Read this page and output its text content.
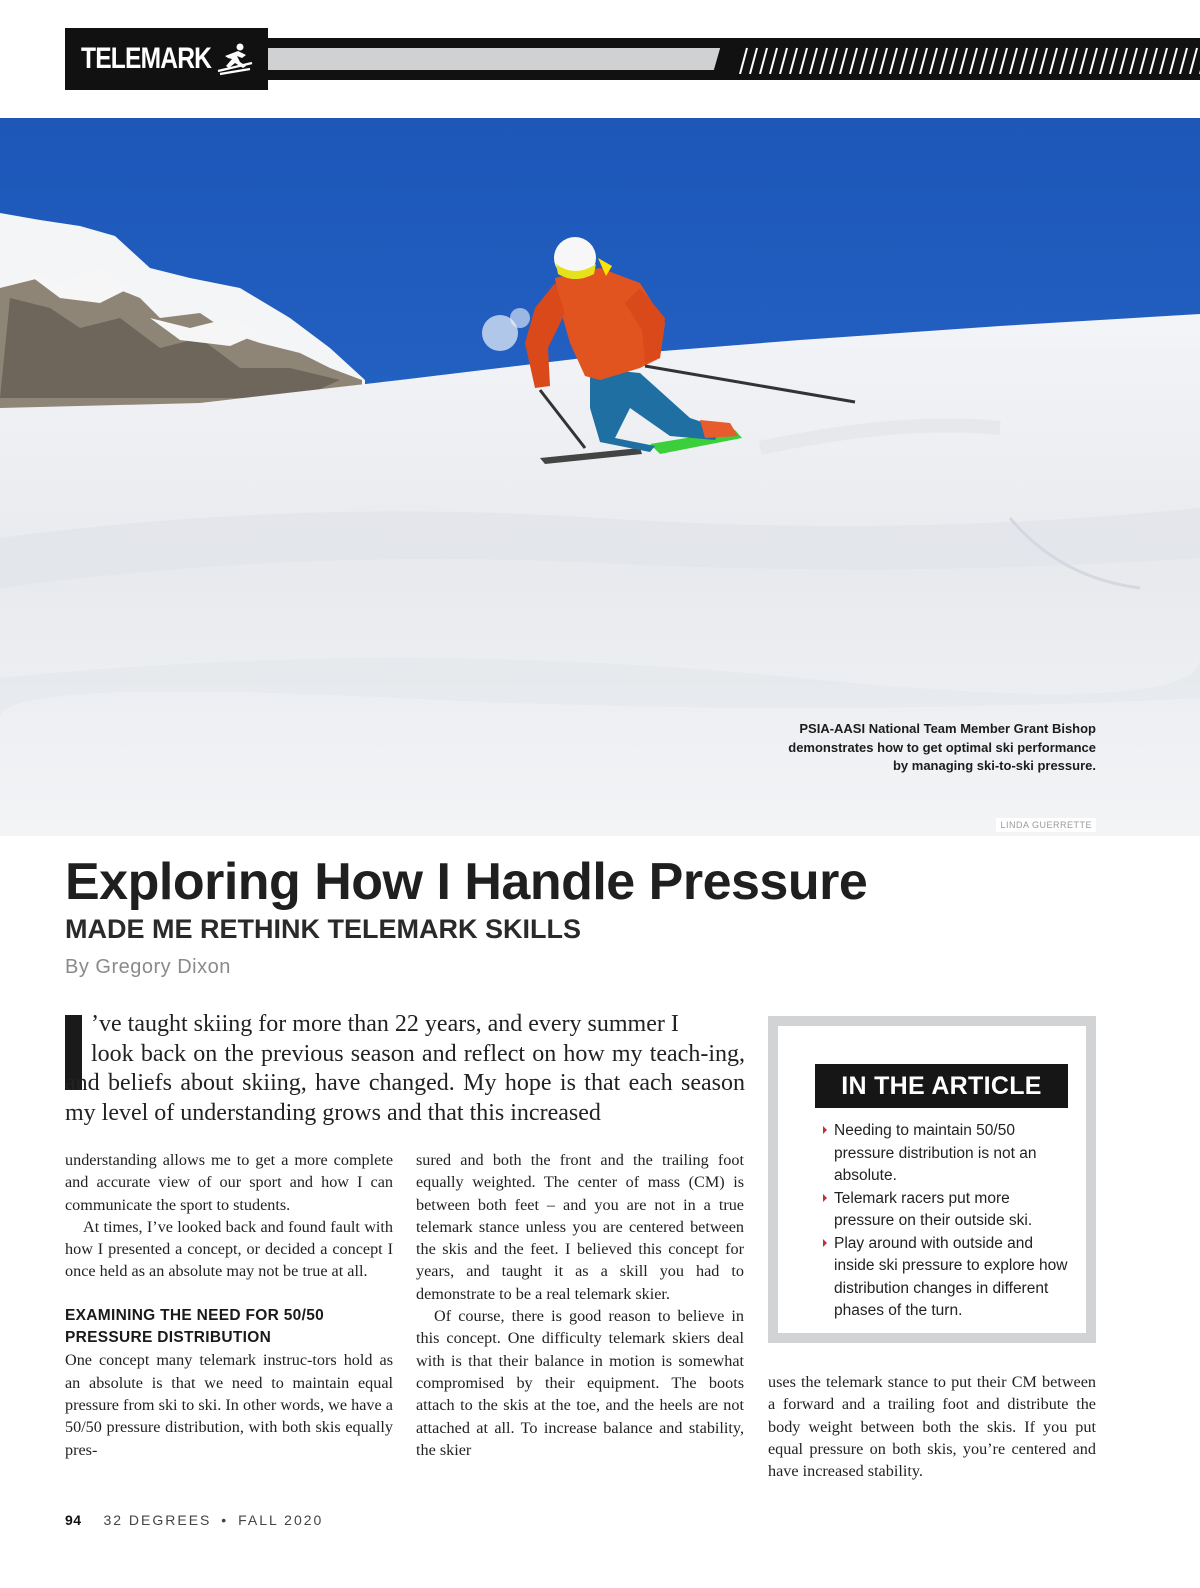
TELEMARK
PSIA-AASI National Team Member Grant Bishop demonstrates how to get optimal ski performance by managing ski-to-ski pressure.
LINDA GUERRETTE
Exploring How I Handle Pressure
MADE ME RETHINK TELEMARK SKILLS
By Gregory Dixon
’ve taught skiing for more than 22 years, and every summer I
look back on the previous season and reflect on how my teach-ing, and beliefs about skiing, have changed. My hope is that each season my level of understanding grows and that this increased

understanding allows me to get a more complete and accurate view of our sport and how I can communicate the sport to students.

At times, I’ve looked back and found fault with how I presented a concept, or decided a concept I once held as an absolute may not be true at all.

EXAMINING THE NEED FOR 50/50 PRESSURE DISTRIBUTION

One concept many telemark instruc-tors hold as an absolute is that we need to maintain equal pressure from ski to ski. In other words, we have a 50/50 pressure distribution, with both skis equally pres-

sured and both the front and the trailing foot equally weighted. The center of mass (CM) is between both feet – and you are not in a true telemark stance unless you are centered between the skis and the feet. I believed this concept for years, and taught it as a skill you had to demonstrate to be a real telemark skier.

Of course, there is good reason to believe in this concept. One difficulty telemark skiers deal with is that their balance in motion is somewhat compromised by their equipment. The boots attach to the skis at the toe, and the heels are not attached at all. To increase balance and stability, the skier

IN THE ARTICLE
Needing to maintain 50/50 pressure distribution is not an absolute.
Telemark racers put more pressure on their outside ski.
Play around with outside and inside ski pressure to explore how distribution changes in different phases of the turn.

uses the telemark stance to put their CM between a forward and a trailing foot and distribute the body weight between both the skis. If you put equal pressure on both skis, you’re centered and have increased stability.

94 32 DEGREES • FALL 2020
